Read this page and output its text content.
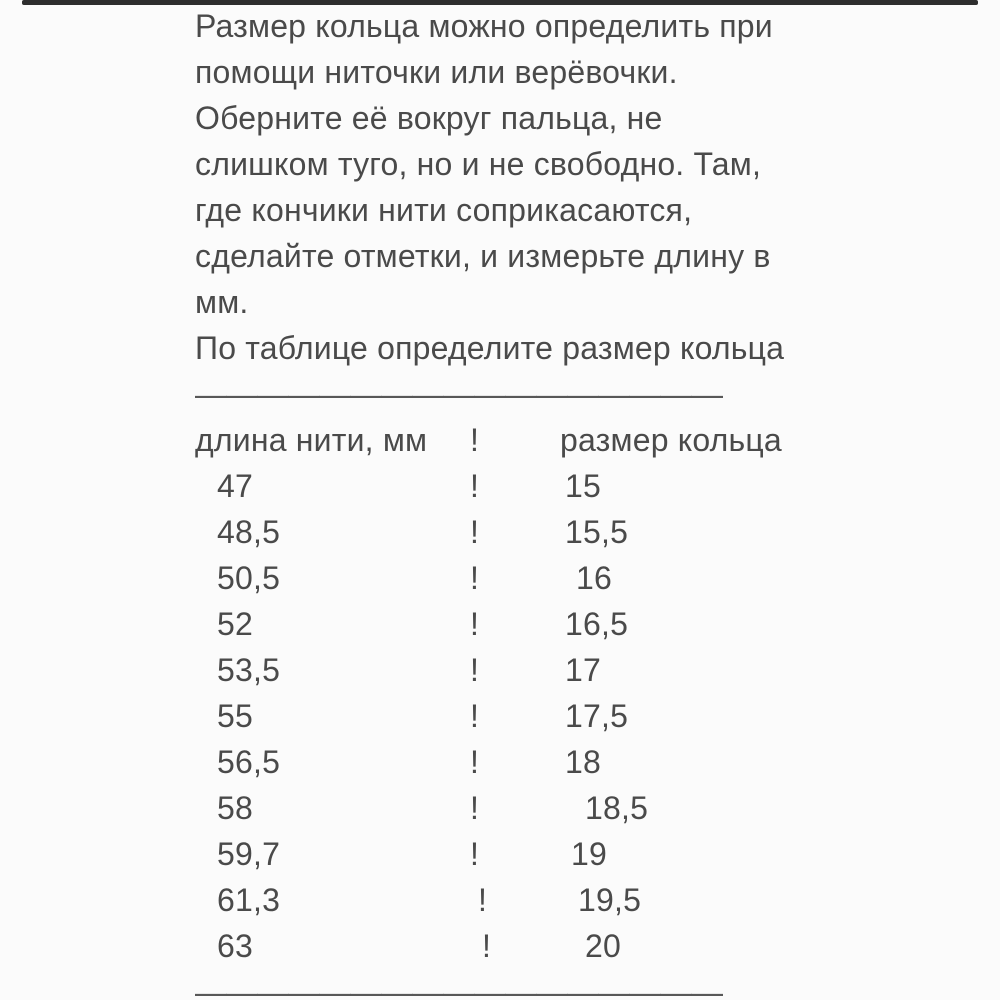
Размер кольца можно определить при
помощи ниточки или верёвочки.
Оберните её вокруг пальца, не
слишком туго, но и не свободно. Там,
где кончики нити соприкасаются,
сделайте отметки, и измерьте длину в
мм.
По таблице определите размер кольца
—————————————————
длина нити, мм !	размер кольца
47	!	15
48,5	!	15,5
50,5	!	16
52	!	16,5
53,5	!	17
55	!	17,5
56,5	!	18
58	!	18,5
59,7	!	19
61,3	!	19,5
63	!	20
—————————————————
